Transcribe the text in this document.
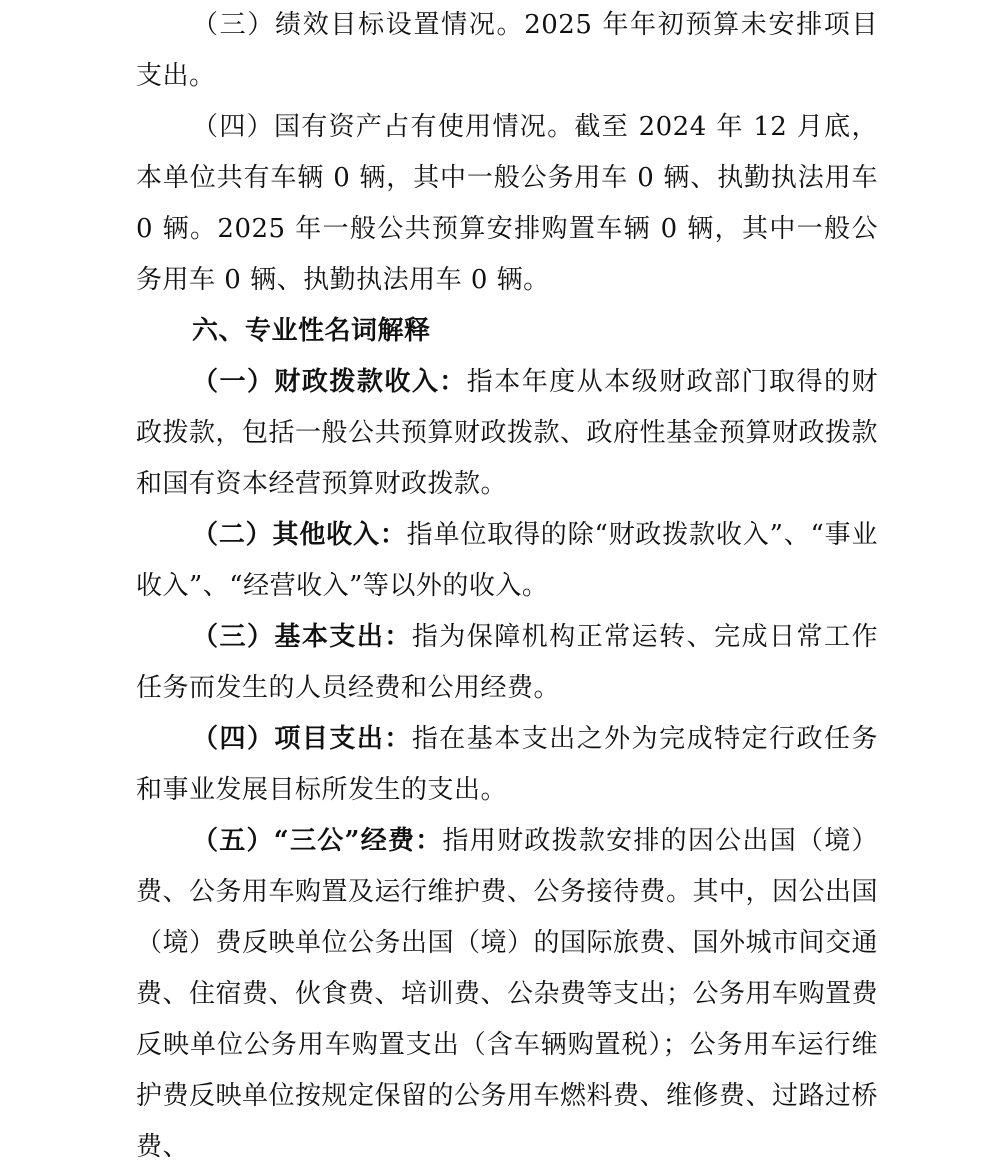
（三）绩效目标设置情况。2025 年年初预算未安排项目支出。

（四）国有资产占有使用情况。截至 2024 年 12 月底，本单位共有车辆 0 辆，其中一般公务用车 0 辆、执勤执法用车 0 辆。2025 年一般公共预算安排购置车辆 0 辆，其中一般公务用车 0 辆、执勤执法用车 0 辆。

六、专业性名词解释

（一）财政拨款收入：指本年度从本级财政部门取得的财政拨款，包括一般公共预算财政拨款、政府性基金预算财政拨款和国有资本经营预算财政拨款。

（二）其他收入：指单位取得的除“财政拨款收入”、“事业收入”、“经营收入”等以外的收入。

（三）基本支出：指为保障机构正常运转、完成日常工作任务而发生的人员经费和公用经费。

（四）项目支出：指在基本支出之外为完成特定行政任务和事业发展目标所发生的支出。

（五）“三公”经费：指用财政拨款安排的因公出国（境）费、公务用车购置及运行维护费、公务接待费。其中，因公出国（境）费反映单位公务出国（境）的国际旅费、国外城市间交通费、住宿费、伙食费、培训费、公杂费等支出；公务用车购置费反映单位公务用车购置支出（含车辆购置税）；公务用车运行维护费反映单位按规定保留的公务用车燃料费、维修费、过路过桥费、
